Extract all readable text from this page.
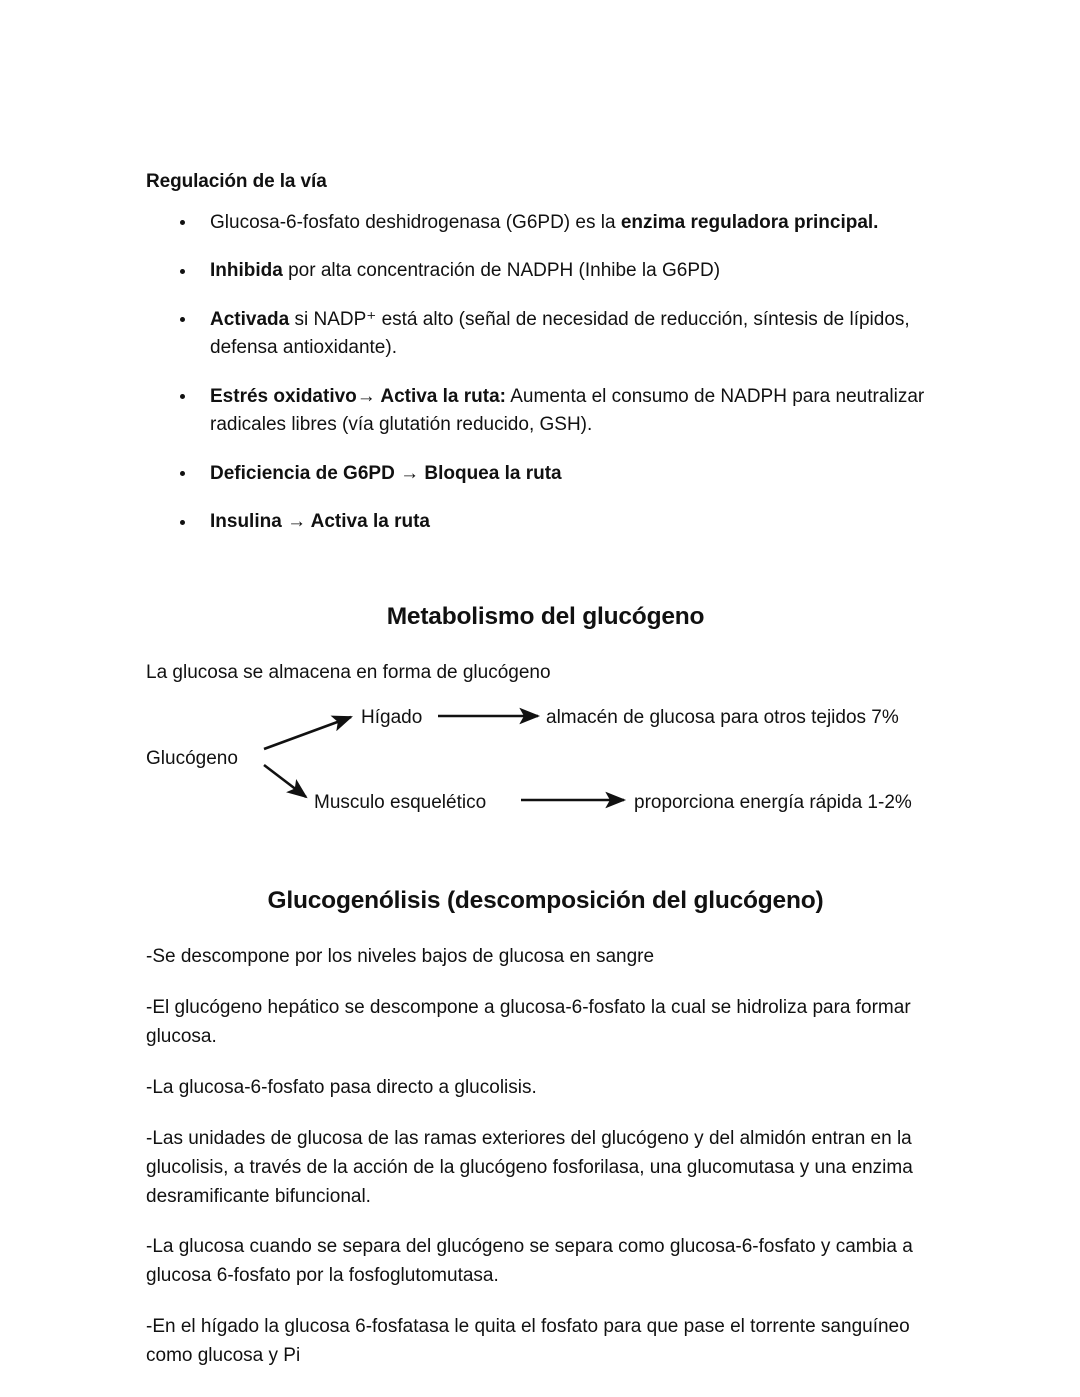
Regulación de la vía

Glucosa-6-fosfato deshidrogenasa (G6PD) es la enzima reguladora principal.
Inhibida por alta concentración de NADPH (Inhibe la G6PD)
Activada si NADP⁺ está alto (señal de necesidad de reducción, síntesis de lípidos, defensa antioxidante).
Estrés oxidativo→ Activa la ruta: Aumenta el consumo de NADPH para neutralizar radicales libres (vía glutatión reducido, GSH).
Deficiencia de G6PD → Bloquea la ruta
Insulina → Activa la ruta
Metabolismo del glucógeno

La glucosa se almacena en forma de glucógeno

Glucógeno
Hígado	almacén de glucosa para otros tejidos 7%
Musculo esquelético	proporciona energía rápida 1-2%
Glucogenólisis (descomposición del glucógeno)

-Se descompone por los niveles bajos de glucosa en sangre

-El glucógeno hepático se descompone a glucosa-6-fosfato la cual se hidroliza para formar glucosa.

-La glucosa-6-fosfato pasa directo a glucolisis.

-Las unidades de glucosa de las ramas exteriores del glucógeno y del almidón entran en la glucolisis, a través de la acción de la glucógeno fosforilasa, una glucomutasa y una enzima desramificante bifuncional.

-La glucosa cuando se separa del glucógeno se separa como glucosa-6-fosfato y cambia a glucosa 6-fosfato por la fosfoglutomutasa.

-En el hígado la glucosa 6-fosfatasa le quita el fosfato para que pase el torrente sanguíneo como glucosa y Pi
